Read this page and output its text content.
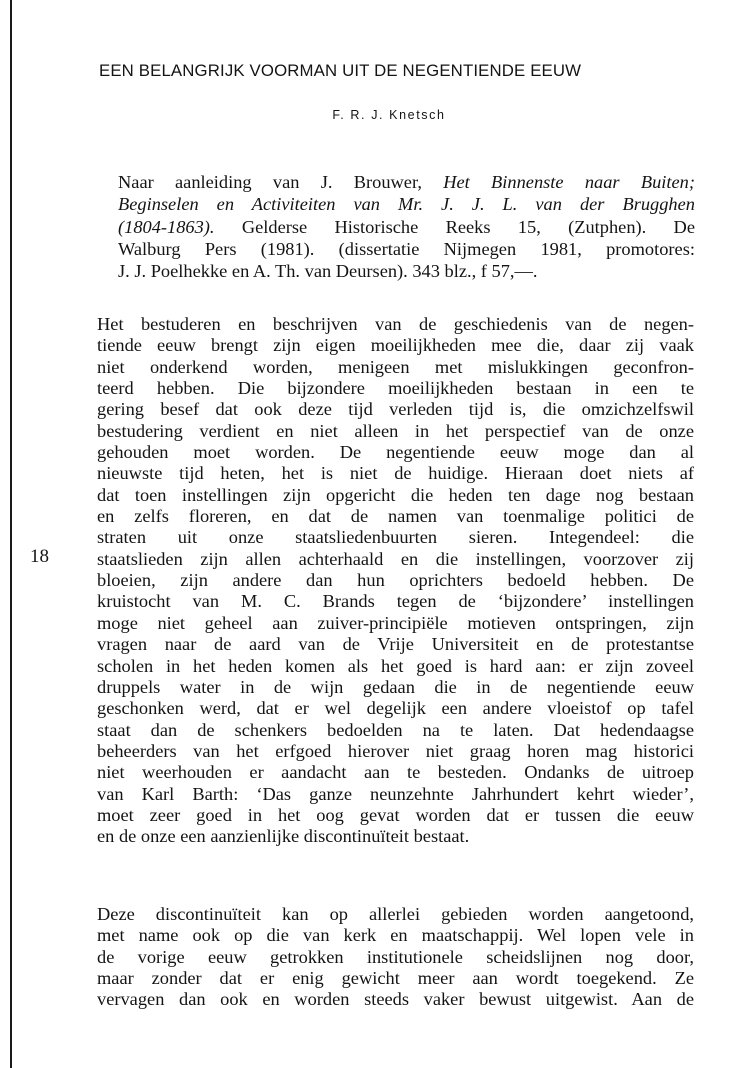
EEN BELANGRIJK VOORMAN UIT DE NEGENTIENDE EEUW
F. R. J. Knetsch
Naar aanleiding van J. Brouwer, Het Binnenste naar Buiten;
Beginselen en Activiteiten van Mr. J. J. L. van der Brugghen
(1804-1863). Gelderse Historische Reeks 15, (Zutphen). De
Walburg Pers (1981). (dissertatie Nijmegen 1981, promotores:
J. J. Poelhekke en A. Th. van Deursen). 343 blz., f 57,—.
Het bestuderen en beschrijven van de geschiedenis van de negen-
tiende eeuw brengt zijn eigen moeilijkheden mee die, daar zij vaak
niet onderkend worden, menigeen met mislukkingen geconfron-
teerd hebben. Die bijzondere moeilijkheden bestaan in een te
gering besef dat ook deze tijd verleden tijd is, die omzichzelfswil
bestudering verdient en niet alleen in het perspectief van de onze
gehouden moet worden. De negentiende eeuw moge dan al
nieuwste tijd heten, het is niet de huidige. Hieraan doet niets af
dat toen instellingen zijn opgericht die heden ten dage nog bestaan
en zelfs floreren, en dat de namen van toenmalige politici de
straten uit onze staatsliedenbuurten sieren. Integendeel: die
staatslieden zijn allen achterhaald en die instellingen, voorzover zij
bloeien, zijn andere dan hun oprichters bedoeld hebben. De
kruistocht van M. C. Brands tegen de ‘bijzondere’ instellingen
moge niet geheel aan zuiver-principiële motieven ontspringen, zijn
vragen naar de aard van de Vrije Universiteit en de protestantse
scholen in het heden komen als het goed is hard aan: er zijn zoveel
druppels water in de wijn gedaan die in de negentiende eeuw
geschonken werd, dat er wel degelijk een andere vloeistof op tafel
staat dan de schenkers bedoelden na te laten. Dat hedendaagse
beheerders van het erfgoed hierover niet graag horen mag historici
niet weerhouden er aandacht aan te besteden. Ondanks de uitroep
van Karl Barth: ‘Das ganze neunzehnte Jahrhundert kehrt wieder’,
moet zeer goed in het oog gevat worden dat er tussen die eeuw
en de onze een aanzienlijke discontinuïteit bestaat.
18
Deze discontinuïteit kan op allerlei gebieden worden aangetoond,
met name ook op die van kerk en maatschappij. Wel lopen vele in
de vorige eeuw getrokken institutionele scheidslijnen nog door,
maar zonder dat er enig gewicht meer aan wordt toegekend. Ze
vervagen dan ook en worden steeds vaker bewust uitgewist. Aan de
